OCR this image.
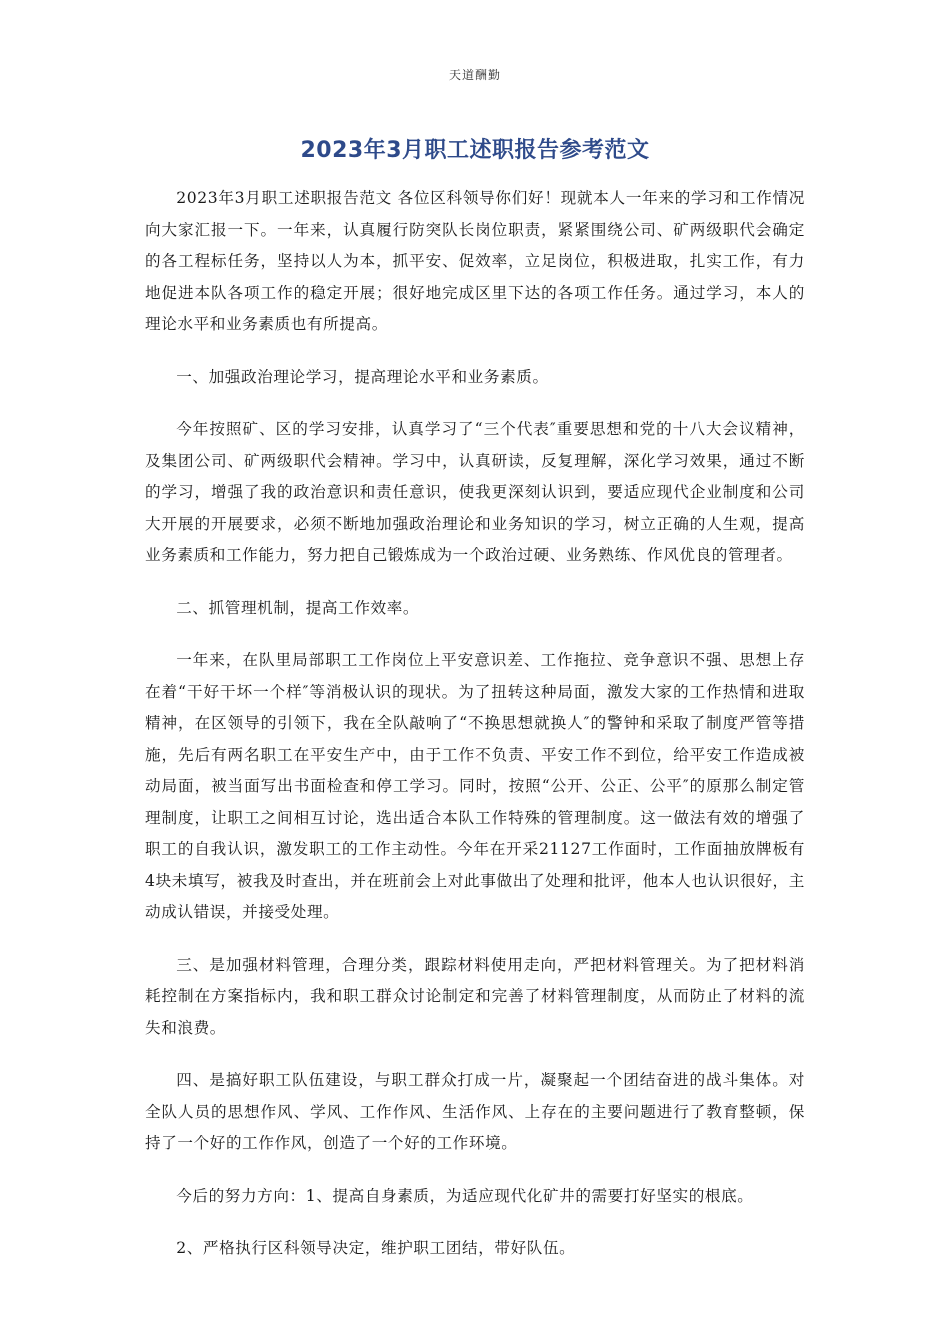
天道酬勤
2023年3月职工述职报告参考范文

2023年3月职工述职报告范文 各位区科领导你们好！现就本人一年来的学习和工作情况向大家汇报一下。一年来，认真履行防突队长岗位职责，紧紧围绕公司、矿两级职代会确定的各工程标任务，坚持以人为本，抓平安、促效率，立足岗位，积极进取，扎实工作，有力地促进本队各项工作的稳定开展；很好地完成区里下达的各项工作任务。通过学习，本人的理论水平和业务素质也有所提高。

一、加强政治理论学习，提高理论水平和业务素质。

今年按照矿、区的学习安排，认真学习了“三个代表″重要思想和党的十八大会议精神，及集团公司、矿两级职代会精神。学习中，认真研读，反复理解，深化学习效果，通过不断的学习，增强了我的政治意识和责任意识，使我更深刻认识到，要适应现代企业制度和公司大开展的开展要求，必须不断地加强政治理论和业务知识的学习，树立正确的人生观，提高业务素质和工作能力，努力把自己锻炼成为一个政治过硬、业务熟练、作风优良的管理者。

二、抓管理机制，提高工作效率。

一年来，在队里局部职工工作岗位上平安意识差、工作拖拉、竞争意识不强、思想上存在着“干好干坏一个样″等消极认识的现状。为了扭转这种局面，激发大家的工作热情和进取精神，在区领导的引领下，我在全队敲响了“不换思想就换人″的警钟和采取了制度严管等措施，先后有两名职工在平安生产中，由于工作不负责、平安工作不到位，给平安工作造成被动局面，被当面写出书面检查和停工学习。同时，按照“公开、公正、公平″的原那么制定管理制度，让职工之间相互讨论，选出适合本队工作特殊的管理制度。这一做法有效的增强了职工的自我认识，激发职工的工作主动性。今年在开采21127工作面时，工作面抽放牌板有4块未填写，被我及时查出，并在班前会上对此事做出了处理和批评，他本人也认识很好，主动成认错误，并接受处理。

三、是加强材料管理，合理分类，跟踪材料使用走向，严把材料管理关。为了把材料消耗控制在方案指标内，我和职工群众讨论制定和完善了材料管理制度，从而防止了材料的流失和浪费。

四、是搞好职工队伍建设，与职工群众打成一片，凝聚起一个团结奋进的战斗集体。对全队人员的思想作风、学风、工作作风、生活作风、上存在的主要问题进行了教育整顿，保持了一个好的工作作风，创造了一个好的工作环境。

今后的努力方向：1、提高自身素质，为适应现代化矿井的需要打好坚实的根底。

2、严格执行区科领导决定，维护职工团结，带好队伍。
